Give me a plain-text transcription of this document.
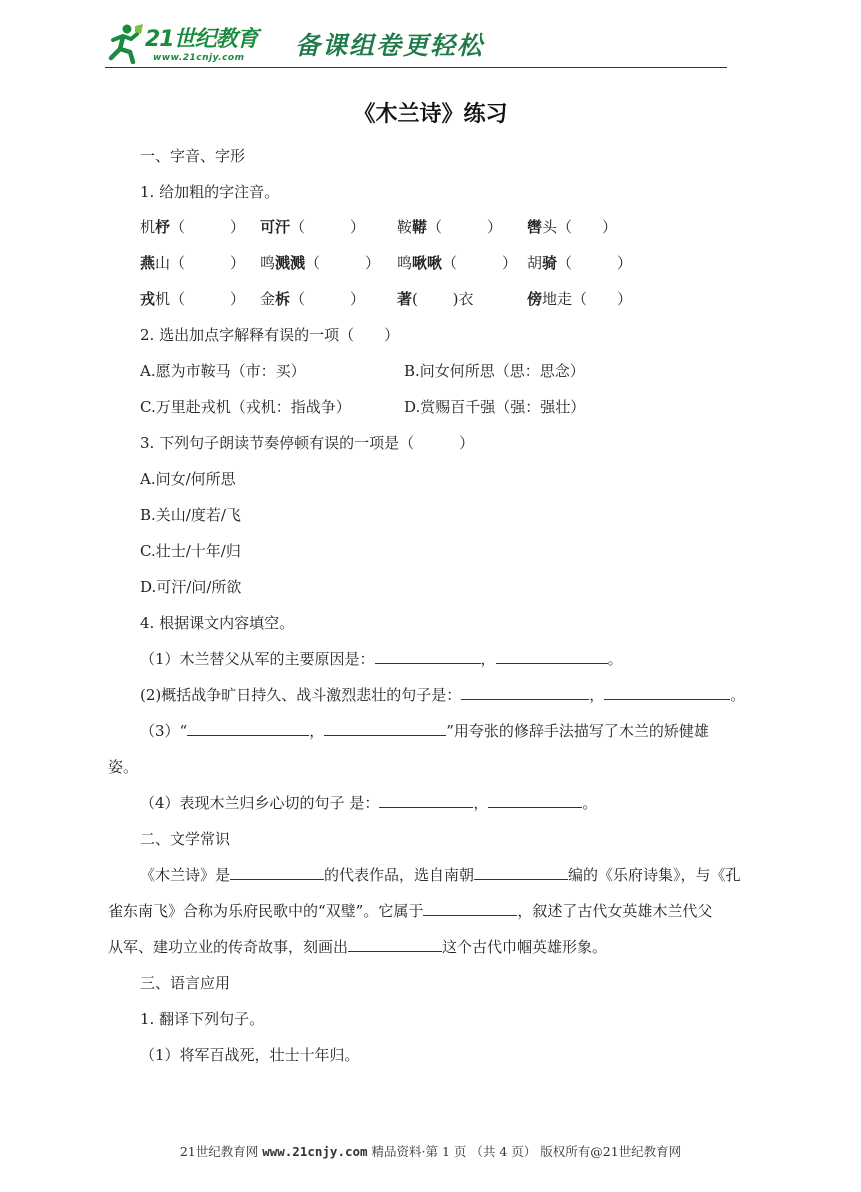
21世纪教育
www.21cnjy.com 备课组卷更轻松
《木兰诗》练习
一、字音、字形
1. 给加粗的字注音。
机杼（　　　） 可汗（　　　） 鞍鞯（　　　） 辔头（　　）
燕山（　　　） 鸣溅溅（　　　） 鸣啾啾（　　　） 胡骑（　　　）
戎机（　　　） 金柝（　　　） 著(　　 )衣	傍地走（　　）
2. 选出加点字解释有误的一项（　　）
A.愿为市鞍马（市：买）	B.问女何所思（思：思念）
C.万里赴戎机（戎机：指战争）	D.赏赐百千强（强：强壮）
3. 下列句子朗读节奏停顿有误的一项是（　　　）
A.问女/何所思
B.关山/度若/飞
C.壮士/十年/归
D.可汗/问/所欲
4. 根据课文内容填空。
（1）木兰替父从军的主要原因是：	，	。
(2)概括战争旷日持久、战斗激烈悲壮的句子是：	，	。
（3）“	，	”用夸张的修辞手法描写了木兰的矫健雄
姿。
（4）表现木兰归乡心切的句子 是：	，	。
二、文学常识
《木兰诗》是	的代表作品，选自南朝	编的《乐府诗集》，与《孔
雀东南飞》合称为乐府民歌中的“双璧”。它属于	，叙述了古代女英雄木兰代父
从军、建功立业的传奇故事，刻画出	这个古代巾帼英雄形象。
三、语言应用
1. 翻译下列句子。
（1）将军百战死，壮士十年归。
21世纪教育网 www.21cnjy.com 精品资料·第 1 页 （共 4 页） 版权所有@21世纪教育网
